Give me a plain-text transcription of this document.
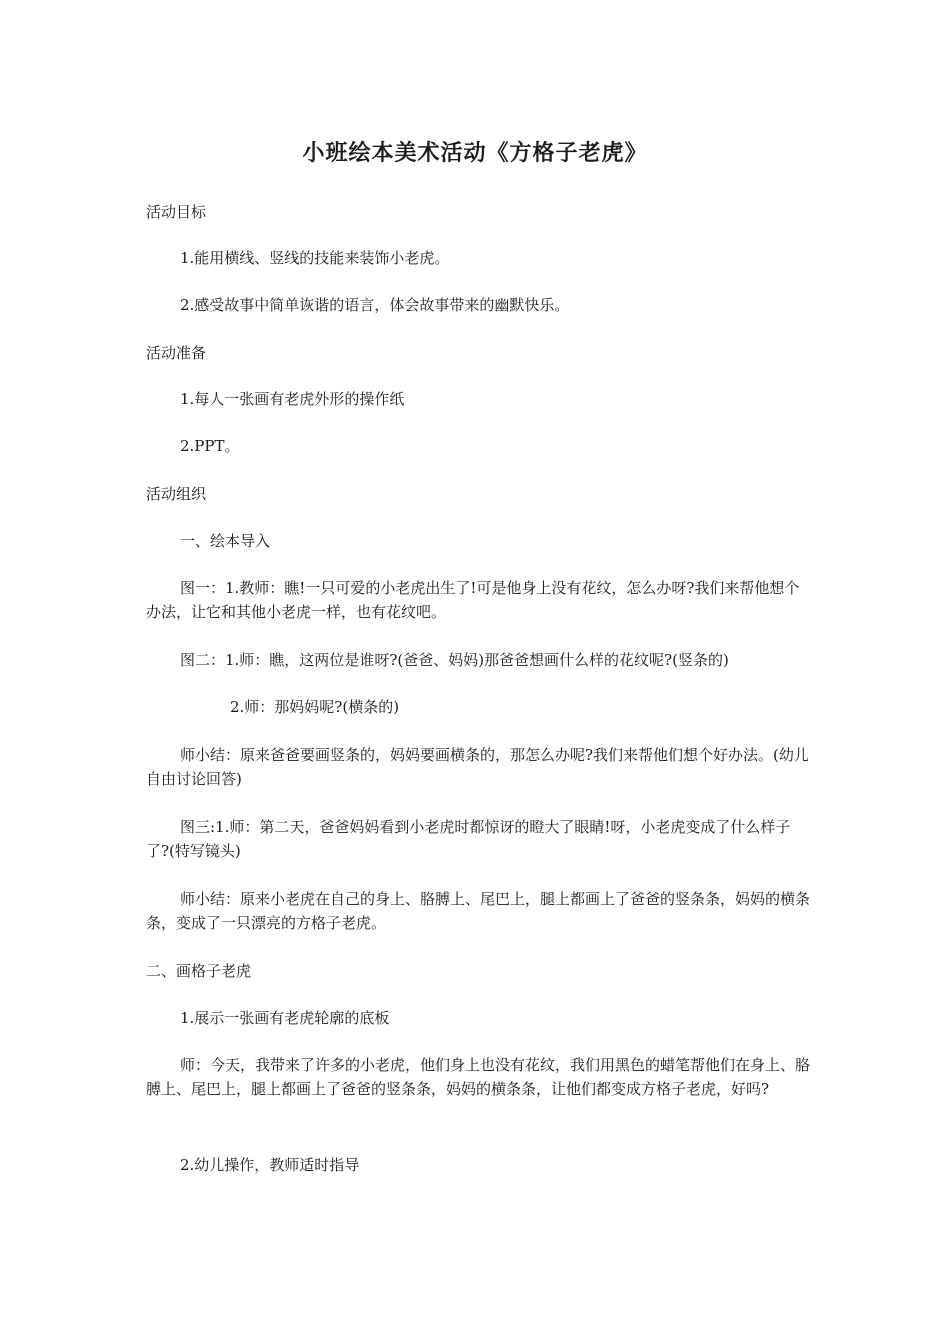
小班绘本美术活动《方格子老虎》
活动目标
1.能用横线、竖线的技能来装饰小老虎。
2.感受故事中简单诙谐的语言，体会故事带来的幽默快乐。
活动准备
1.每人一张画有老虎外形的操作纸
2.PPT。
活动组织
一、绘本导入
图一：1.教师：瞧!一只可爱的小老虎出生了!可是他身上没有花纹，怎么办呀?我们来帮他想个办法，让它和其他小老虎一样，也有花纹吧。
图二：1.师：瞧，这两位是谁呀?(爸爸、妈妈)那爸爸想画什么样的花纹呢?(竖条的)
2.师：那妈妈呢?(横条的)
师小结：原来爸爸要画竖条的，妈妈要画横条的，那怎么办呢?我们来帮他们想个好办法。(幼儿自由讨论回答)
图三:1.师：第二天，爸爸妈妈看到小老虎时都惊讶的瞪大了眼睛!呀，小老虎变成了什么样子了?(特写镜头)
师小结：原来小老虎在自己的身上、胳膊上、尾巴上，腿上都画上了爸爸的竖条条，妈妈的横条条，变成了一只漂亮的方格子老虎。
二、画格子老虎
1.展示一张画有老虎轮廓的底板
师：今天，我带来了许多的小老虎，他们身上也没有花纹，我们用黑色的蜡笔帮他们在身上、胳膊上、尾巴上，腿上都画上了爸爸的竖条条，妈妈的横条条，让他们都变成方格子老虎，好吗?
2.幼儿操作，教师适时指导
